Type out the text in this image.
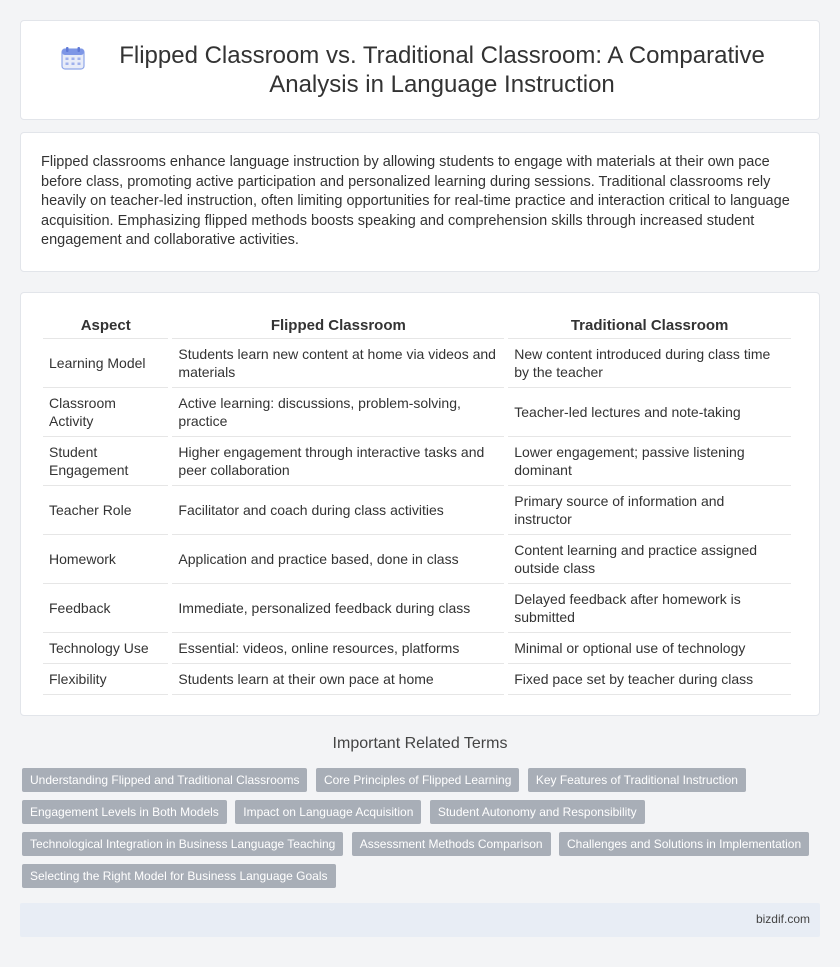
Flipped Classroom vs. Traditional Classroom: A Comparative Analysis in Language Instruction

Flipped classrooms enhance language instruction by allowing students to engage with materials at their own pace before class, promoting active participation and personalized learning during sessions. Traditional classrooms rely heavily on teacher-led instruction, often limiting opportunities for real-time practice and interaction critical to language acquisition. Emphasizing flipped methods boosts speaking and comprehension skills through increased student engagement and collaborative activities.

Aspect	Flipped Classroom	Traditional Classroom
Learning Model	Students learn new content at home via videos and materials	New content introduced during class time by the teacher
Classroom Activity	Active learning: discussions, problem-solving, practice	Teacher-led lectures and note-taking
Student Engagement	Higher engagement through interactive tasks and peer collaboration	Lower engagement; passive listening dominant
Teacher Role	Facilitator and coach during class activities	Primary source of information and instructor
Homework	Application and practice based, done in class	Content learning and practice assigned outside class
Feedback	Immediate, personalized feedback during class	Delayed feedback after homework is submitted
Technology Use	Essential: videos, online resources, platforms	Minimal or optional use of technology
Flexibility	Students learn at their own pace at home	Fixed pace set by teacher during class
Important Related Terms
Understanding Flipped and Traditional Classrooms Core Principles of Flipped Learning Key Features of Traditional Instruction Engagement Levels in Both Models Impact on Language Acquisition Student Autonomy and Responsibility Technological Integration in Business Language Teaching Assessment Methods Comparison Challenges and Solutions in Implementation Selecting the Right Model for Business Language Goals
bizdif.com
